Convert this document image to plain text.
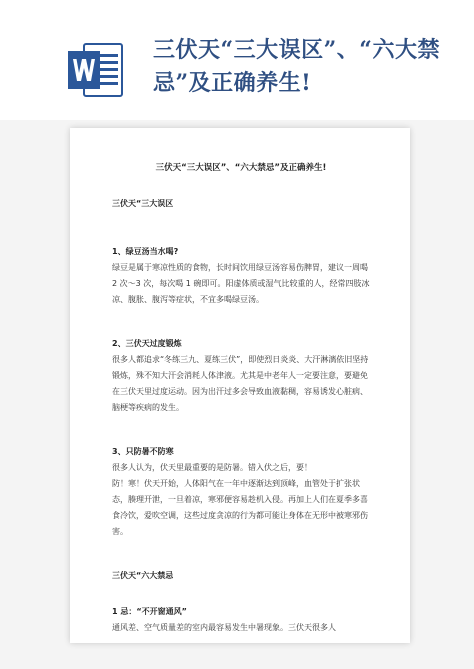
三伏天“三大误区”、“六大禁忌”及正确养生!
三伏天“三大误区”、“六大禁忌”及正确养生!

三伏天“三大误区

1、绿豆汤当水喝?

绿豆是属于寒凉性质的食物，长时间饮用绿豆汤容易伤脾胃，建议一周喝 2 次～3 次，每次喝 1 碗即可。阳虚体质或湿气比较重的人，经常四肢冰凉、腹胀、腹泻等症状，不宜多喝绿豆汤。

2、三伏天过度锻炼

很多人都追求“冬练三九、夏练三伏”，即使烈日炎炎、大汗淋漓依旧坚持锻炼，殊不知大汗会消耗人体津液。尤其是中老年人一定要注意，要避免在三伏天里过度运动。因为出汗过多会导致血液黏稠，容易诱发心脏病、脑梗等疾病的发生。

3、只防暑不防寒

很多人认为，伏天里最重要的是防暑。错入伏之后，要！

防！寒！伏天开始，人体阳气在一年中逐渐达到顶峰，血管处于扩张状态，腠理开泄，一旦着凉，寒邪便容易趁机入侵。再加上人们在夏季多喜食冷饮，爱吹空调，这些过度贪凉的行为都可能让身体在无形中被寒邪伤害。

三伏天“六大禁忌

1 忌：“不开窗通风”

通风差、空气质量差的室内最容易发生中暑现象。三伏天很多人
